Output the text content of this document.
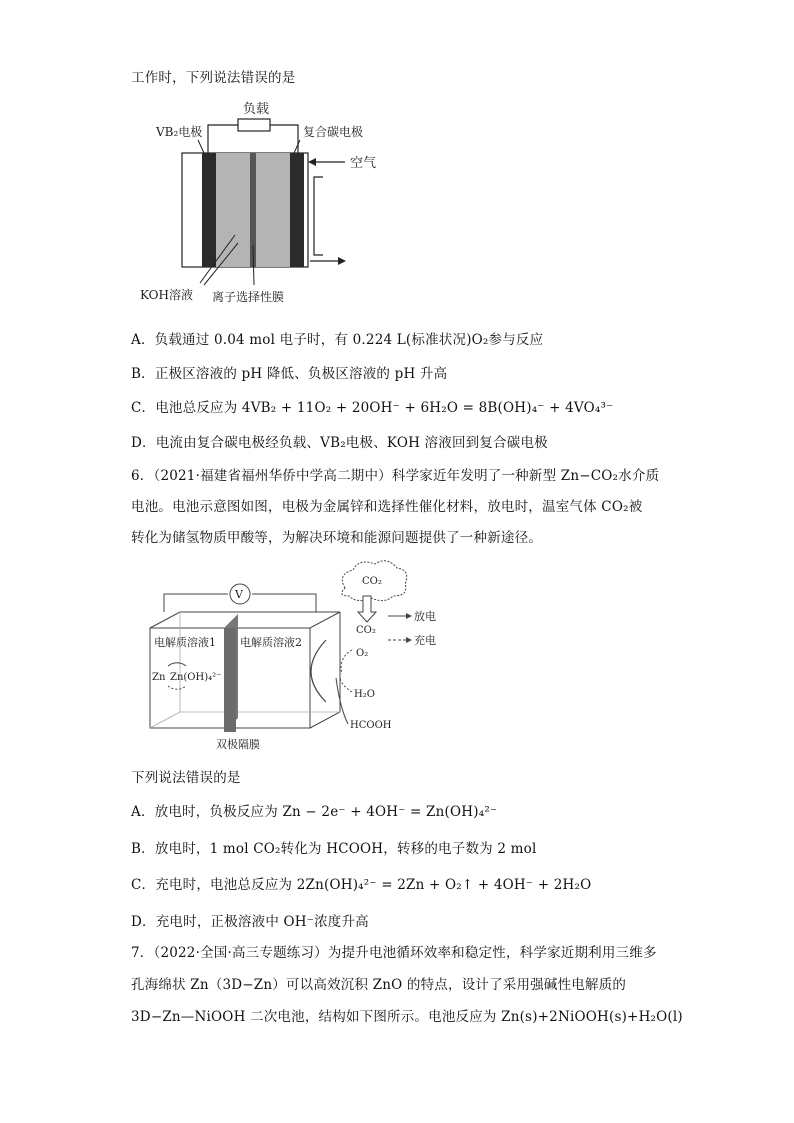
工作时，下列说法错误的是
负载
VB₂电极	复合碳电极
空气
KOH溶液 离子选择性膜
A．负载通过 0.04 mol 电子时，有 0.224 L(标准状况)O₂参与反应
B．正极区溶液的 pH 降低、负极区溶液的 pH 升高
C．电池总反应为 4VB₂ + 11O₂ + 20OH⁻ + 6H₂O = 8B(OH)₄⁻ + 4VO₄³⁻
D．电流由复合碳电极经负载、VB₂电极、KOH 溶液回到复合碳电极
6．（2021·福建省福州华侨中学高二期中）科学家近年发明了一种新型 Zn−CO₂水介质
电池。电池示意图如图，电极为金属锌和选择性催化材料，放电时，温室气体 CO₂被
转化为储氢物质甲酸等，为解决环境和能源问题提供了一种新途径。
CO₂
CO₂
V
电解质溶液1 电解质溶液2
Zn Zn(OH)₄²⁻
O₂
H₂O
HCOOH
放电
充电
双极隔膜
下列说法错误的是
A．放电时，负极反应为 Zn − 2e⁻ + 4OH⁻ = Zn(OH)₄²⁻
B．放电时，1 mol CO₂转化为 HCOOH，转移的电子数为 2 mol
C．充电时，电池总反应为 2Zn(OH)₄²⁻ = 2Zn + O₂↑ + 4OH⁻ + 2H₂O
D．充电时，正极溶液中 OH⁻浓度升高
7．（2022·全国·高三专题练习）为提升电池循环效率和稳定性，科学家近期利用三维多
孔海绵状 Zn（3D−Zn）可以高效沉积 ZnO 的特点，设计了采用强碱性电解质的
3D−Zn—NiOOH 二次电池，结构如下图所示。电池反应为 Zn(s)+2NiOOH(s)+H₂O(l)
